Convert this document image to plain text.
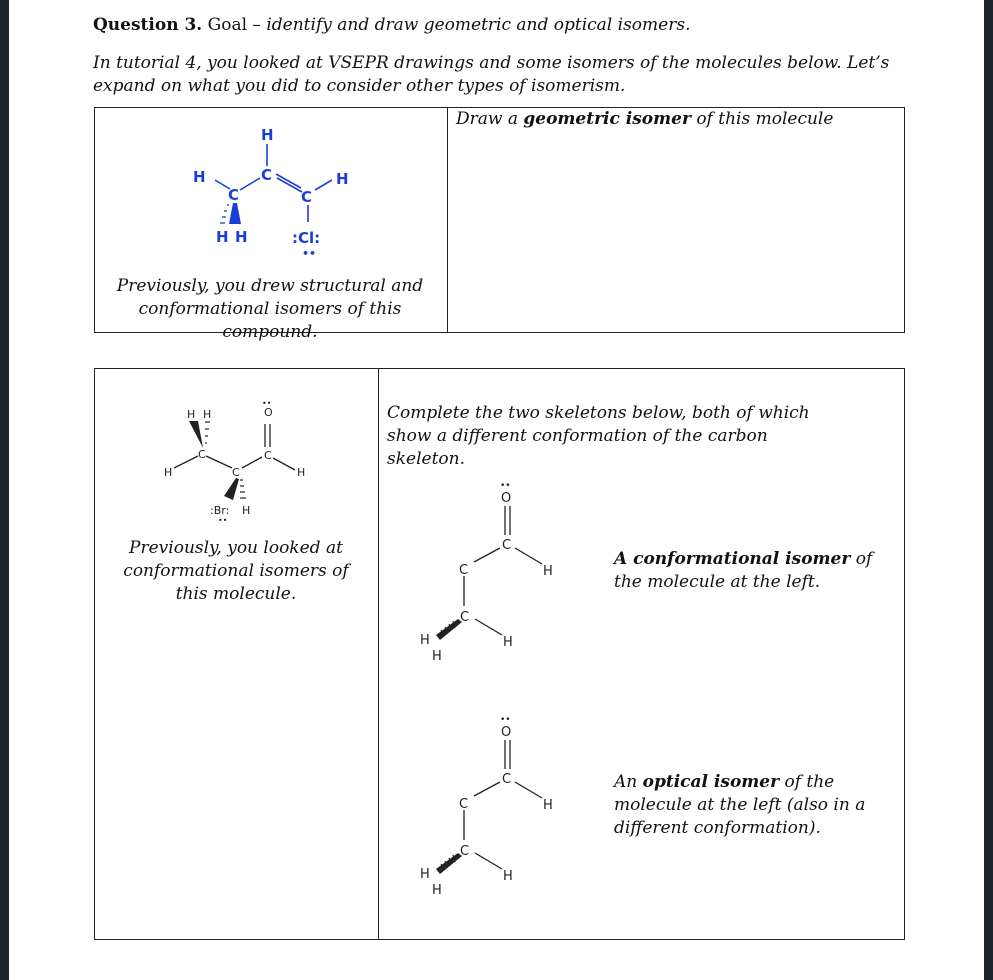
Question 3. Goal – identify and draw geometric and optical isomers.
In tutorial 4, you looked at VSEPR drawings and some isomers of the molecules below. Let’s expand on what you did to consider other types of isomerism.
H
C
H
C	C
H
H H	:Cl:
••
Previously, you drew structural and conformational isomers of this compound.
Draw a geometric isomer of this molecule
H H	O
••
C	C
C
H	H
:Br:
••
H
Previously, you looked at conformational isomers of this molecule.
Complete the two skeletons below, both of which show a different conformation of the carbon skeleton.
O
••
C
H
C
C
H
H
H
A conformational isomer of
the molecule at the left.
O
••
C
H
C
C
H
H
H
An optical isomer of the
molecule at the left (also in a
different conformation).
